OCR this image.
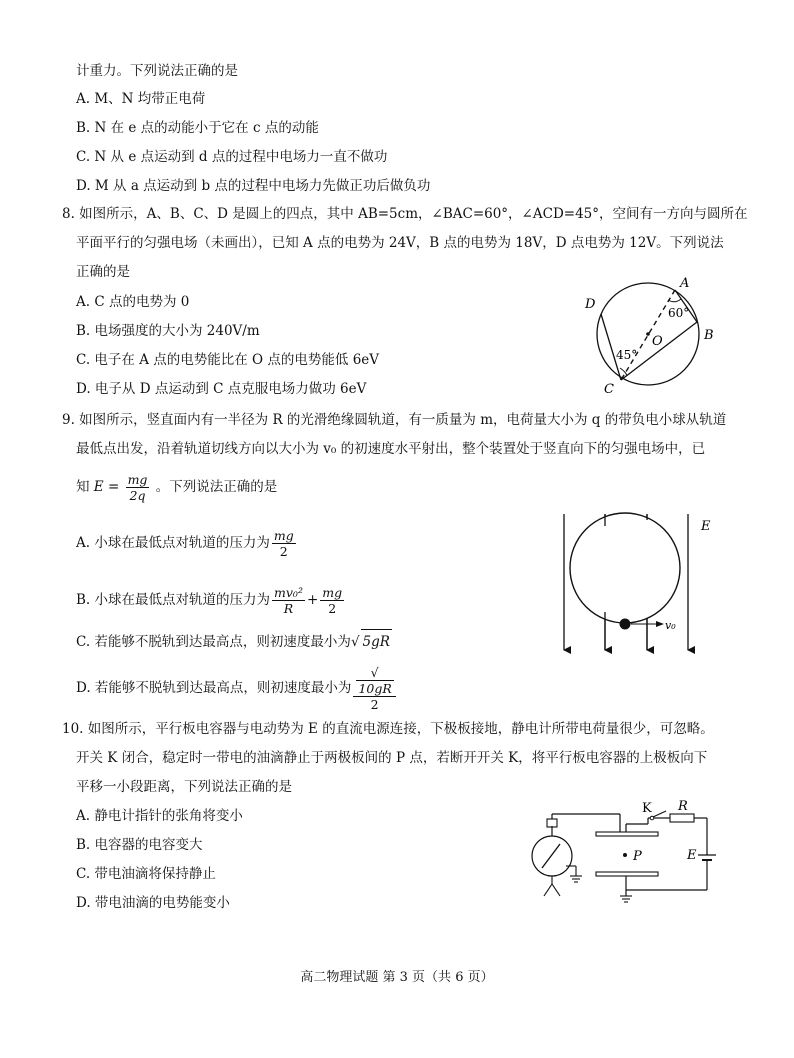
计重力。下列说法正确的是
A. M、N 均带正电荷
B. N 在 e 点的动能小于它在 c 点的动能
C. N 从 e 点运动到 d 点的过程中电场力一直不做功
D. M 从 a 点运动到 b 点的过程中电场力先做正功后做负功
8. 如图所示，A、B、C、D 是圆上的四点，其中 AB=5cm，∠BAC=60°，∠ACD=45°，空间有一方向与圆所在
平面平行的匀强电场（未画出），已知 A 点的电势为 24V，B 点的电势为 18V，D 点电势为 12V。下列说法
正确的是
A. C 点的电势为 0
B. 电场强度的大小为 240V/m
C. 电子在 A 点的电势能比在 O 点的电势能低 6eV
D. 电子从 D 点运动到 C 点克服电场力做功 6eV
A
B
C
D
O
60°
45°
9. 如图所示，竖直面内有一半径为 R 的光滑绝缘圆轨道，有一质量为 m，电荷量大小为 q 的带负电小球从轨道
最低点出发，沿着轨道切线方向以大小为 v₀ 的初速度水平射出，整个装置处于竖直向下的匀强电场中，已
知 $E = \frac{mg}{2q}$ 。下列说法正确的是
A. 小球在最低点对轨道的压力为 $\frac{mg}{2}$
B. 小球在最低点对轨道的压力为 $\frac{\text{mv₀²}}{R} + \frac{mg}{2}$
C. 若能够不脱轨到达最高点，则初速度最小为√ 5gR
D. 若能够不脱轨到达最高点，则初速度最小为 √
10gR
2
v₀
E
10. 如图所示，平行板电容器与电动势为 E 的直流电源连接，下极板接地，静电计所带电荷量很少，可忽略。
开关 K 闭合，稳定时一带电的油滴静止于两极板间的 P 点，若断开开关 K，将平行板电容器的上极板向下
平移一小段距离，下列说法正确的是
A. 静电计指针的张角将变小
B. 电容器的电容变大
C. 带电油滴将保持静止
D. 带电油滴的电势能变小
P
K R
E
高二物理试题 第 3 页（共 6 页）
